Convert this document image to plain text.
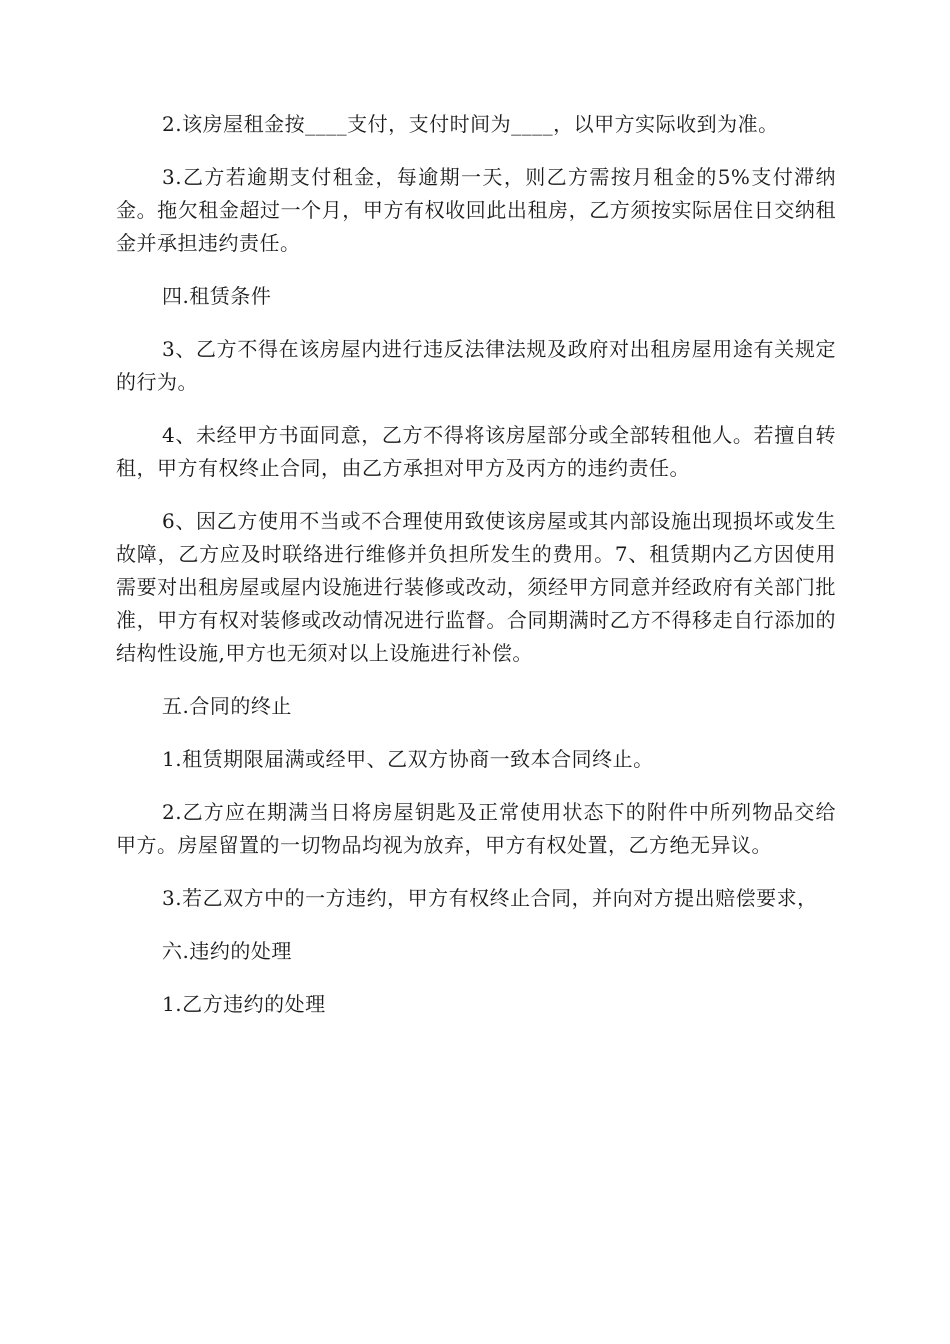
2.该房屋租金按____支付，支付时间为____，以甲方实际收到为准。

3.乙方若逾期支付租金，每逾期一天，则乙方需按月租金的5%支付滞纳金。拖欠租金超过一个月，甲方有权收回此出租房，乙方须按实际居住日交纳租金并承担违约责任。

四.租赁条件

3、乙方不得在该房屋内进行违反法律法规及政府对出租房屋用途有关规定的行为。

4、未经甲方书面同意，乙方不得将该房屋部分或全部转租他人。若擅自转租，甲方有权终止合同，由乙方承担对甲方及丙方的违约责任。

6、因乙方使用不当或不合理使用致使该房屋或其内部设施出现损坏或发生故障，乙方应及时联络进行维修并负担所发生的费用。7、租赁期内乙方因使用需要对出租房屋或屋内设施进行装修或改动，须经甲方同意并经政府有关部门批准，甲方有权对装修或改动情况进行监督。合同期满时乙方不得移走自行添加的结构性设施,甲方也无须对以上设施进行补偿。

五.合同的终止

1.租赁期限届满或经甲、乙双方协商一致本合同终止。

2.乙方应在期满当日将房屋钥匙及正常使用状态下的附件中所列物品交给甲方。房屋留置的一切物品均视为放弃，甲方有权处置，乙方绝无异议。

3.若乙双方中的一方违约，甲方有权终止合同，并向对方提出赔偿要求，

六.违约的处理

1.乙方违约的处理
